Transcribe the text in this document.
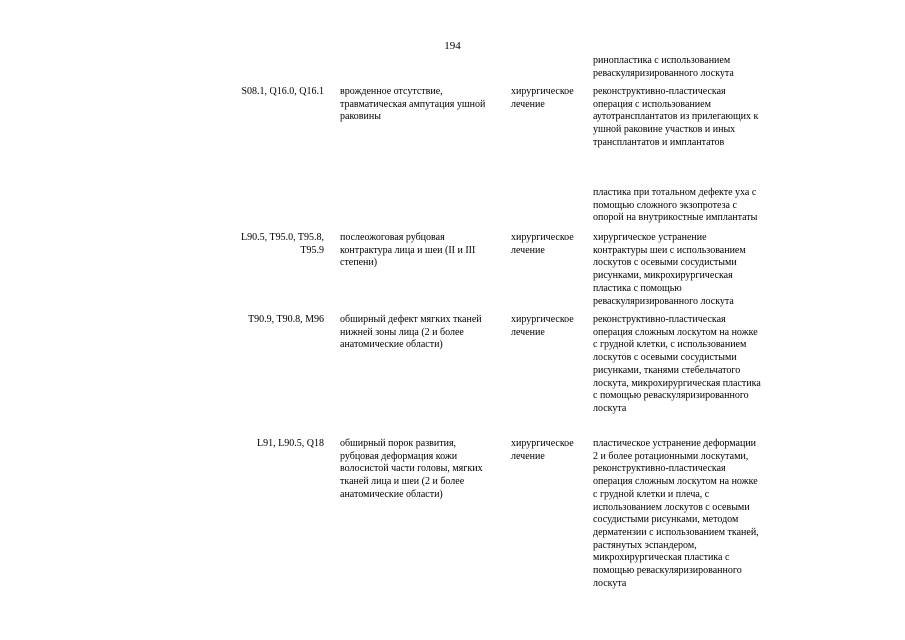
194
ринопластика с использованием
реваскуляризированного лоскута
S08.1, Q16.0, Q16.1 врожденное отсутствие,
травматическая ампутация ушной
раковины
хирургическое
лечение
реконструктивно-пластическая
операция с использованием
аутотрансплантатов из прилегающих к
ушной раковине участков и иных
трансплантатов и имплантатов
пластика при тотальном дефекте уха с
помощью сложного экзопротеза с
опорой на внутрикостные имплантаты
L90.5, T95.0, T95.8,
T95.9
послеожоговая рубцовая
контрактура лица и шеи (II и III
степени)
хирургическое
лечение
хирургическое устранение
контрактуры шеи с использованием
лоскутов с осевыми сосудистыми
рисунками, микрохирургическая
пластика с помощью
реваскуляризированного лоскута
T90.9, T90.8, M96 обширный дефект мягких тканей
нижней зоны лица (2 и более
анатомические области)
хирургическое
лечение
реконструктивно-пластическая
операция сложным лоскутом на ножке
с грудной клетки, с использованием
лоскутов с осевыми сосудистыми
рисунками, тканями стебельчатого
лоскута, микрохирургическая пластика
с помощью реваскуляризированного
лоскута
L91, L90.5, Q18 обширный порок развития,
рубцовая деформация кожи
волосистой части головы, мягких
тканей лица и шеи (2 и более
анатомические области)
хирургическое
лечение
пластическое устранение деформации
2 и более ротационными лоскутами,
реконструктивно-пластическая
операция сложным лоскутом на ножке
с грудной клетки и плеча, с
использованием лоскутов с осевыми
сосудистыми рисунками, методом
дерматензии с использованием тканей,
растянутых эспандером,
микрохирургическая пластика с
помощью реваскуляризированного
лоскута
